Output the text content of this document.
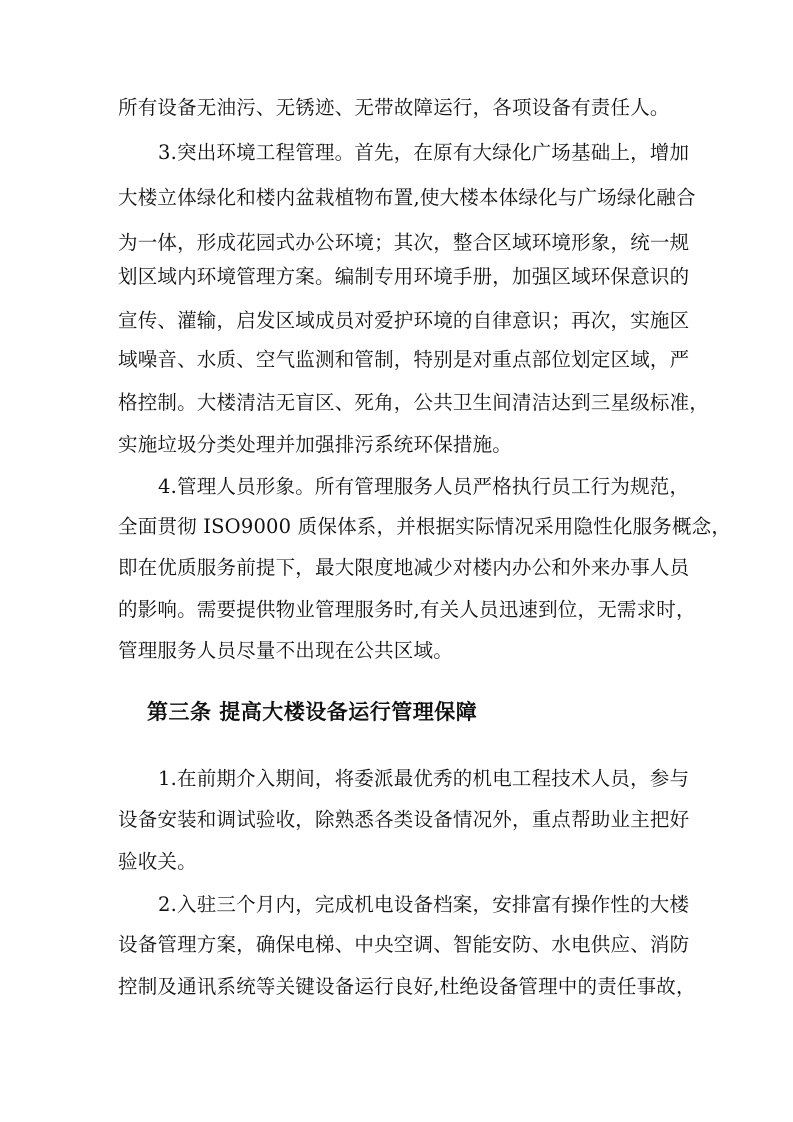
所有设备无油污、无锈迹、无带故障运行，各项设备有责任人。
3.突出环境工程管理。首先，在原有大绿化广场基础上，增加
大楼立体绿化和楼内盆栽植物布置,使大楼本体绿化与广场绿化融合
为一体，形成花园式办公环境；其次，整合区域环境形象，统一规
划区域内环境管理方案。编制专用环境手册，加强区域环保意识的
宣传、灌输，启发区域成员对爱护环境的自律意识；再次，实施区
域噪音、水质、空气监测和管制，特别是对重点部位划定区域，严
格控制。大楼清洁无盲区、死角，公共卫生间清洁达到三星级标准，
实施垃圾分类处理并加强排污系统环保措施。
4.管理人员形象。所有管理服务人员严格执行员工行为规范，
全面贯彻 ISO9000 质保体系，并根据实际情况采用隐性化服务概念，
即在优质服务前提下，最大限度地减少对楼内办公和外来办事人员
的影响。需要提供物业管理服务时,有关人员迅速到位，无需求时，
管理服务人员尽量不出现在公共区域。
第三条 提高大楼设备运行管理保障
1.在前期介入期间，将委派最优秀的机电工程技术人员，参与
设备安装和调试验收，除熟悉各类设备情况外，重点帮助业主把好
验收关。
2.入驻三个月内，完成机电设备档案，安排富有操作性的大楼
设备管理方案，确保电梯、中央空调、智能安防、水电供应、消防
控制及通讯系统等关键设备运行良好,杜绝设备管理中的责任事故，
